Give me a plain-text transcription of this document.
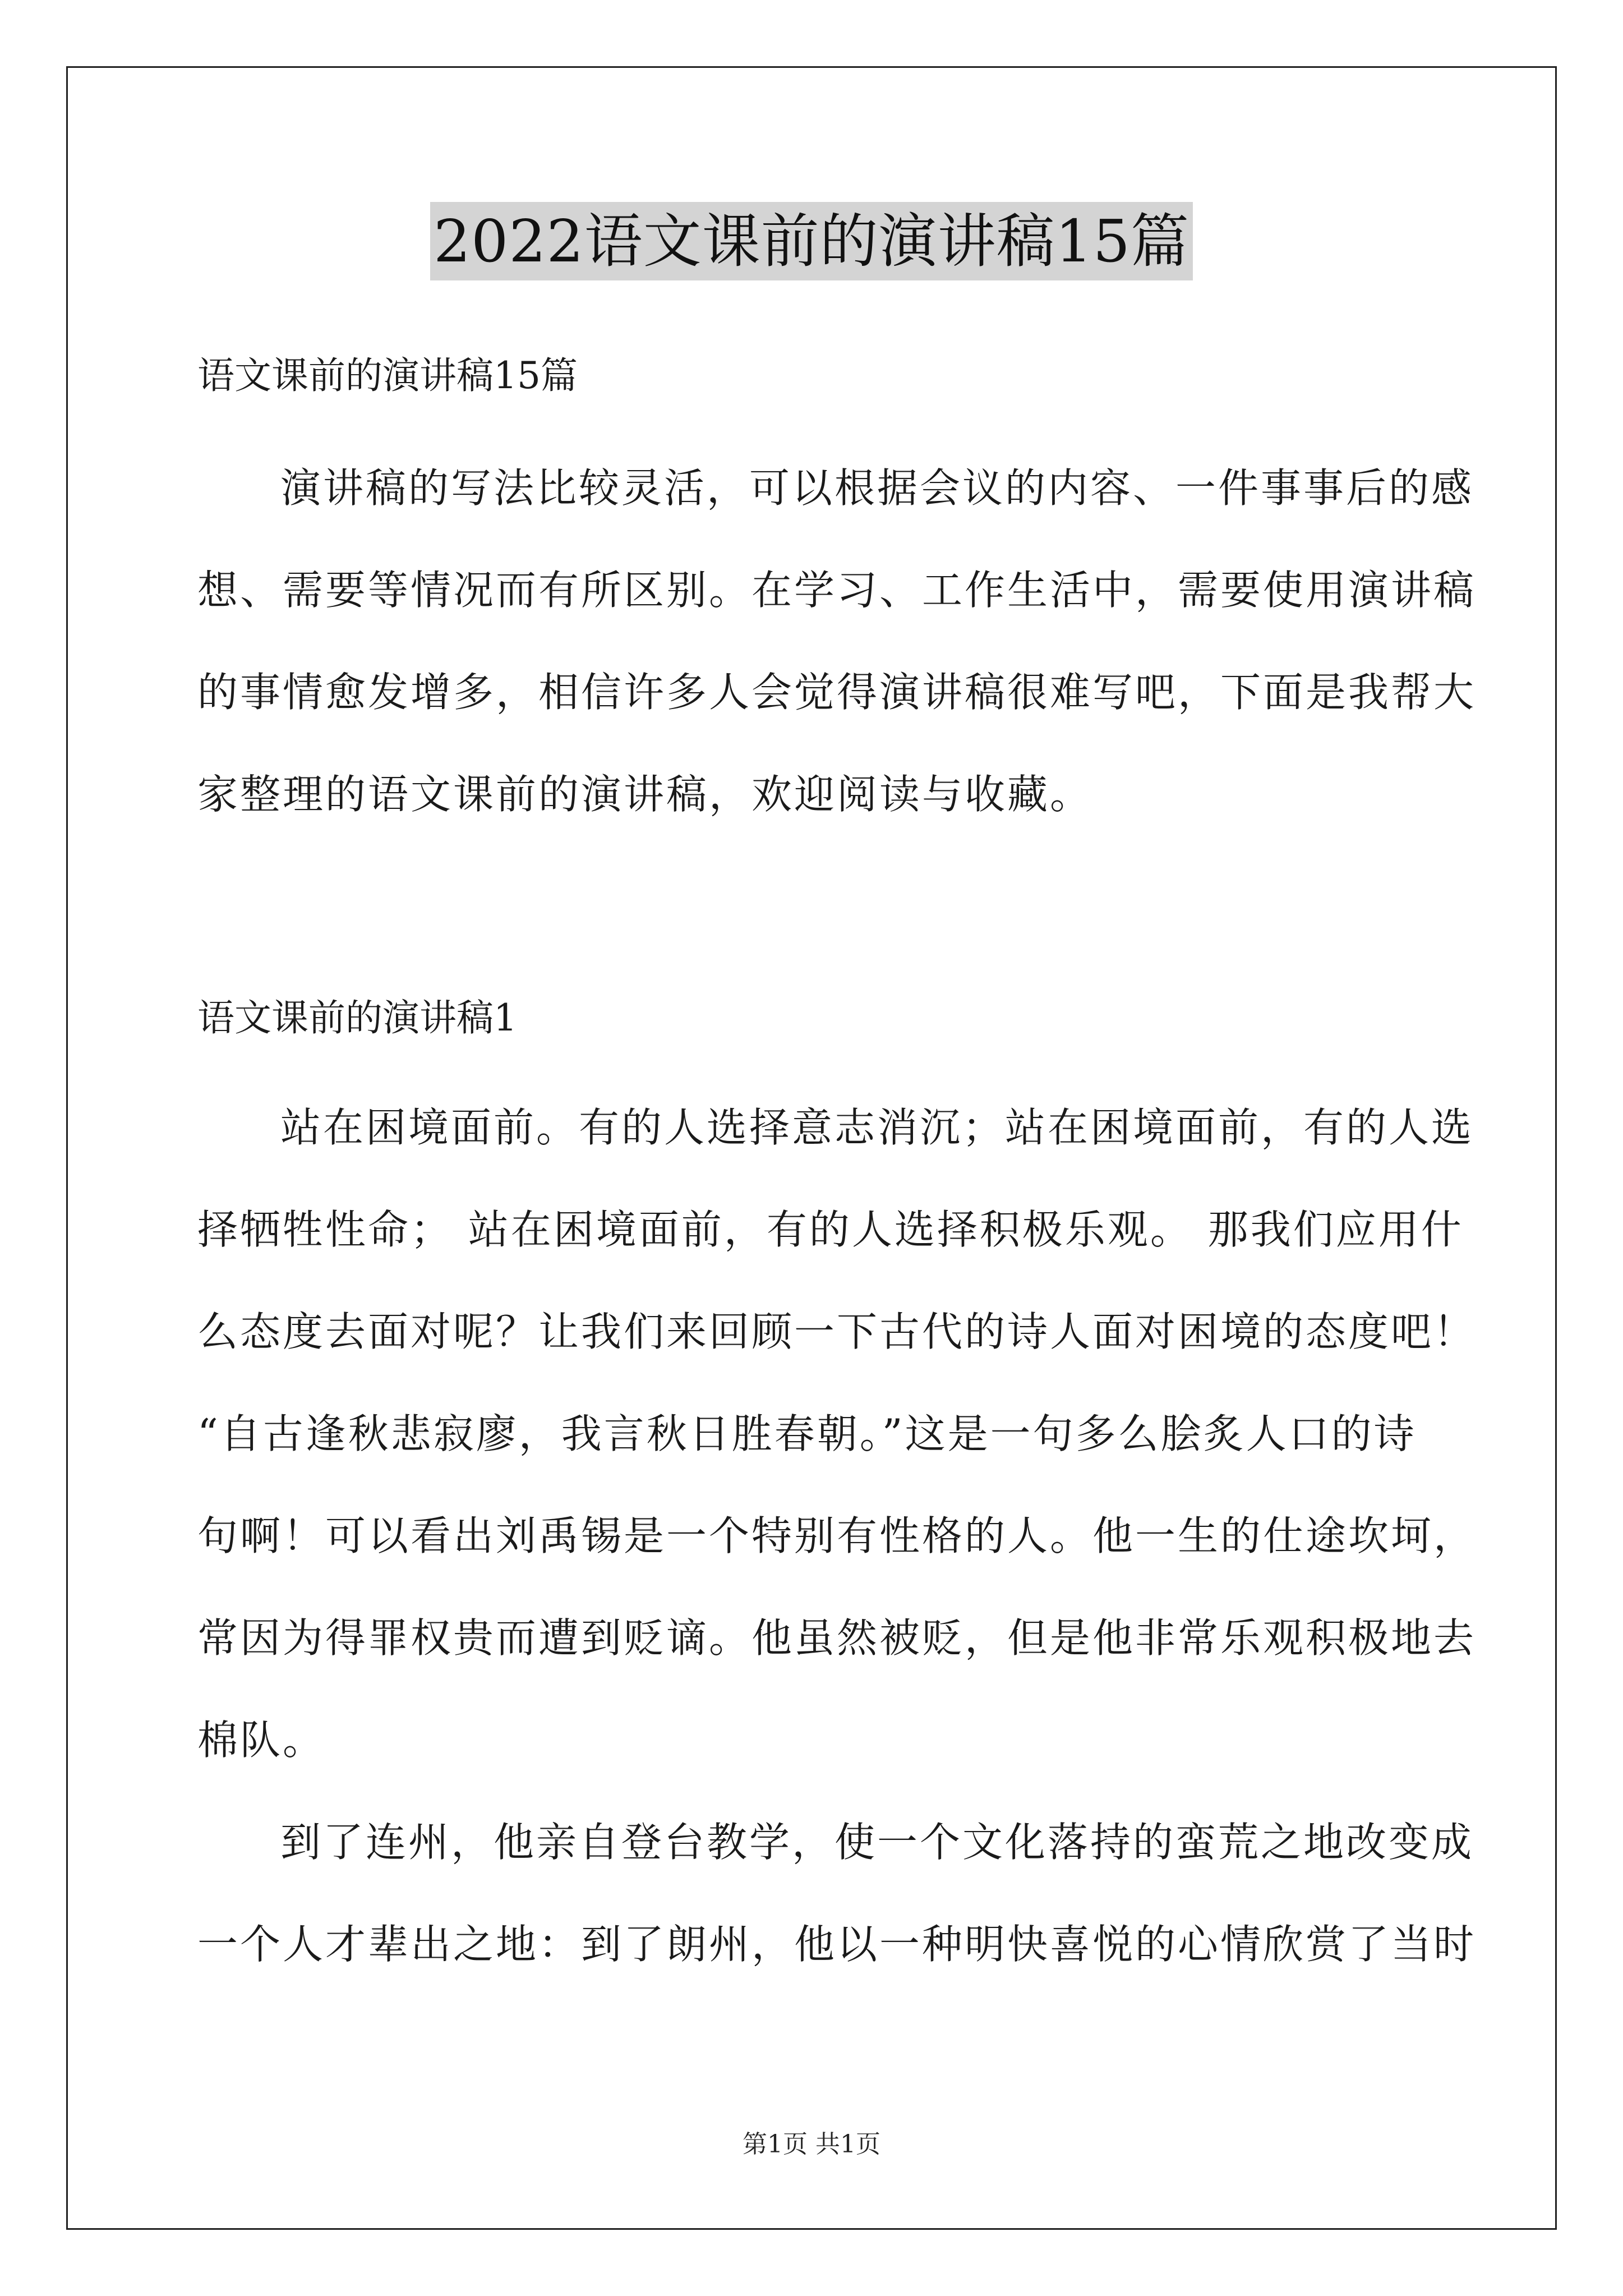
2022语文课前的演讲稿15篇
语文课前的演讲稿15篇
演讲稿的写法比较灵活，可以根据会议的内容、一件事事后的感
想、需要等情况而有所区别。在学习、工作生活中，需要使用演讲稿
的事情愈发增多，相信许多人会觉得演讲稿很难写吧，下面是我帮大
家整理的语文课前的演讲稿，欢迎阅读与收藏。
语文课前的演讲稿1
站在困境面前。有的人选择意志消沉；站在困境面前，有的人选
择牺牲性命； 站在困境面前，有的人选择积极乐观。 那我们应用什
么态度去面对呢？让我们来回顾一下古代的诗人面对困境的态度吧！
“自古逢秋悲寂廖，我言秋日胜春朝。”这是一句多么脍炙人口的诗
句啊！可以看出刘禹锡是一个特别有性格的人。他一生的仕途坎坷，
常因为得罪权贵而遭到贬谪。他虽然被贬，但是他非常乐观积极地去
棉队。
到了连州，他亲自登台教学，使一个文化落持的蛮荒之地改变成
一个人才辈出之地：到了朗州，他以一种明快喜悦的心情欣赏了当时
第1页 共1页
